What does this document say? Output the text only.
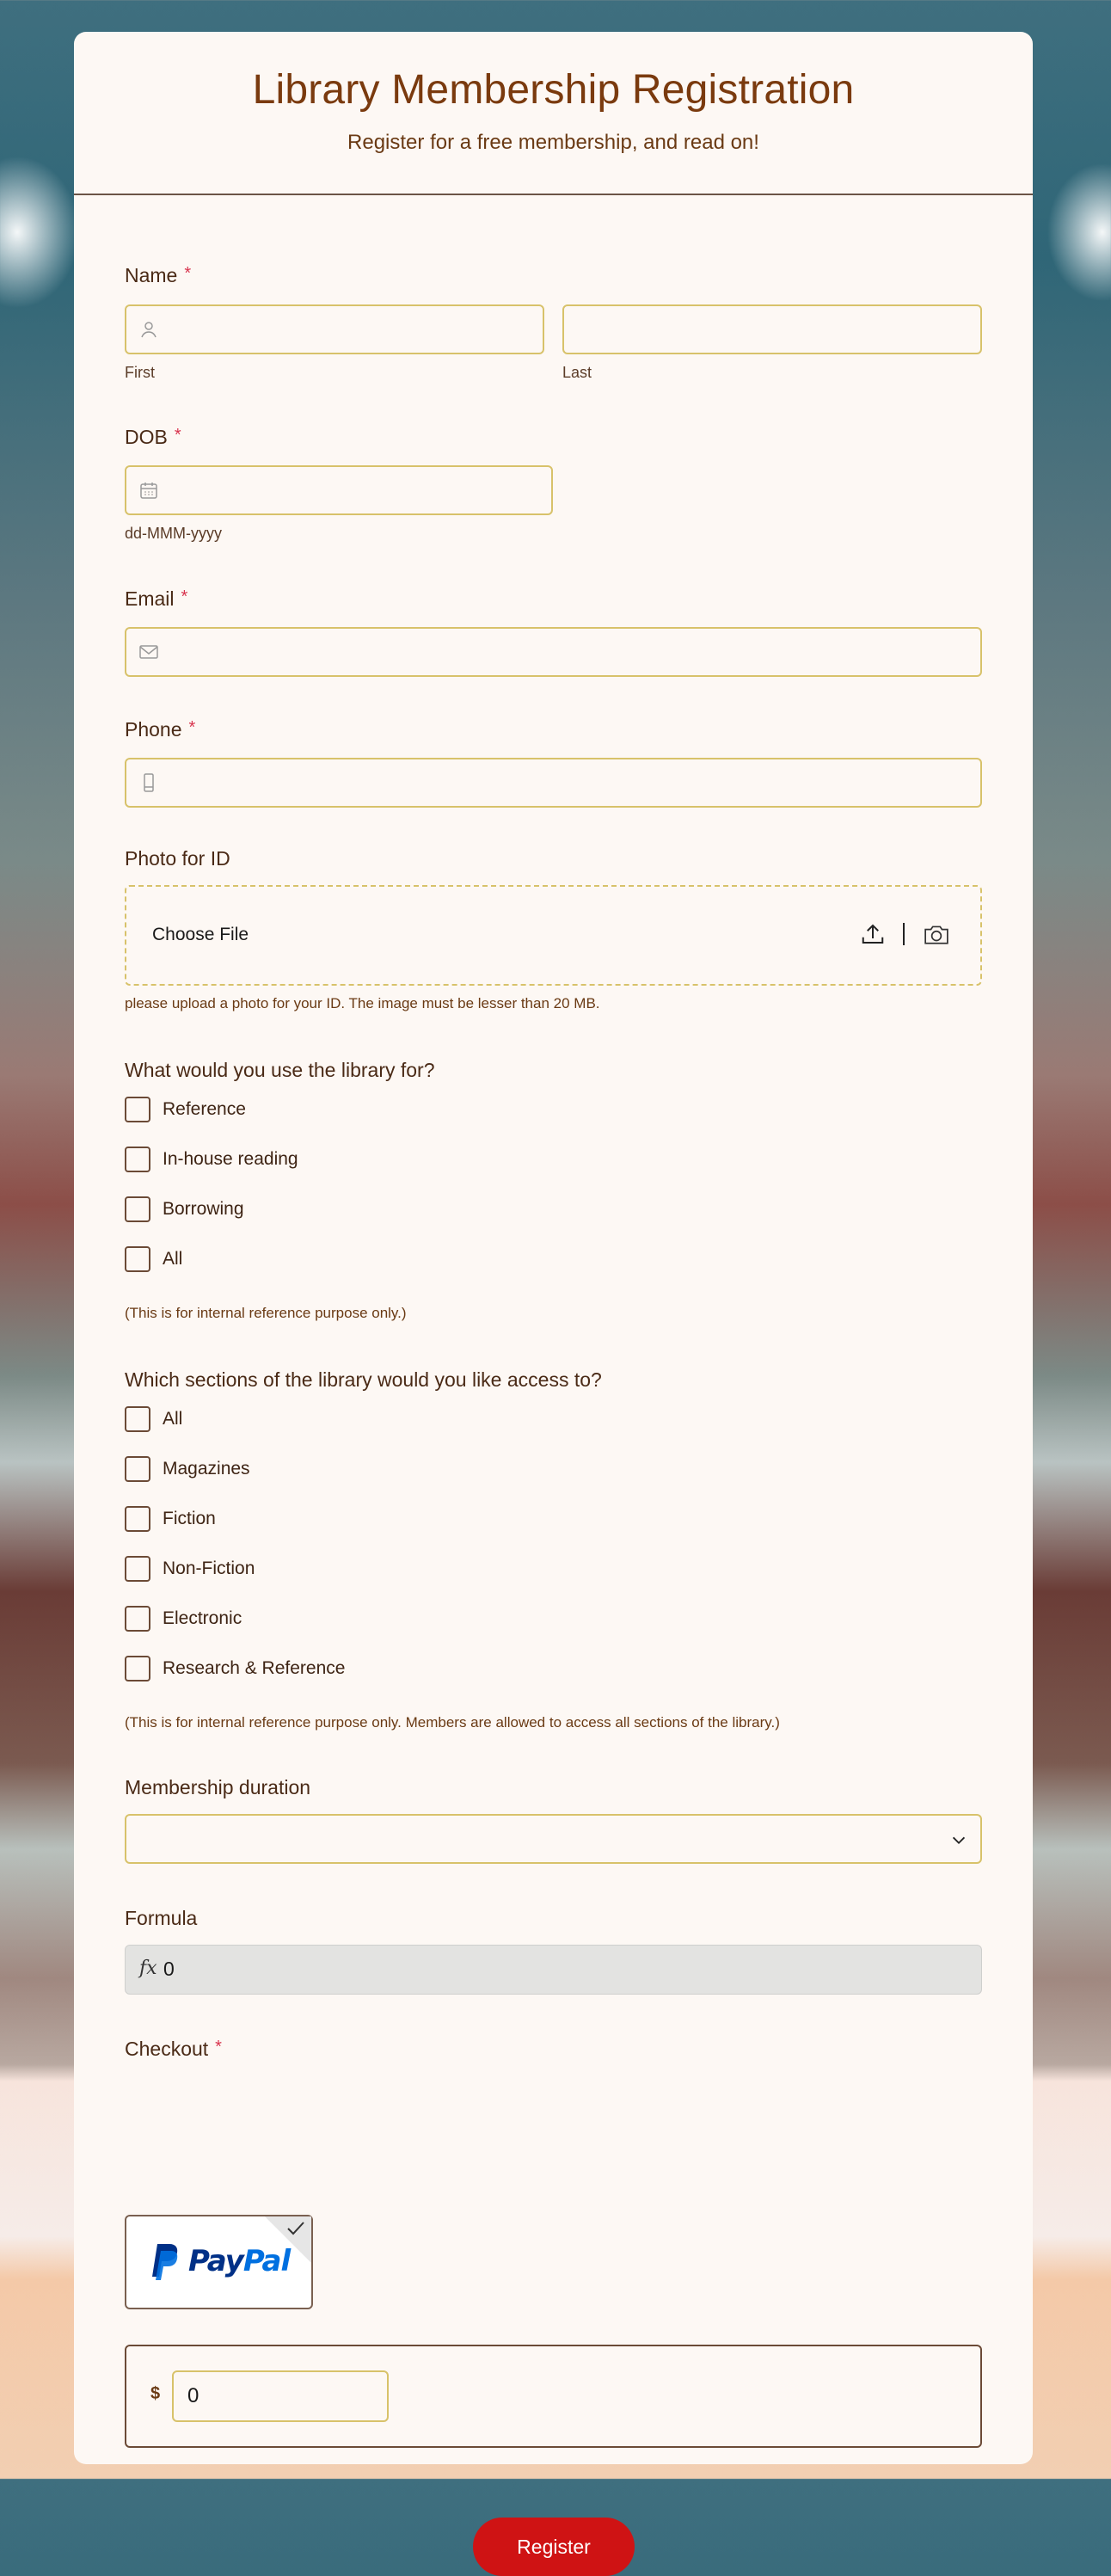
Library Membership Registration
Register for a free membership, and read on!
Name *
First	Last
DOB *
dd-MMM-yyyy
Email *
Phone *
Photo for ID
Choose File
please upload a photo for your ID. The image must be lesser than 20 MB.
What would you use the library for?
Reference
In-house reading
Borrowing
All
(This is for internal reference purpose only.)
Which sections of the library would you like access to?
All
Magazines
Fiction
Non-Fiction
Electronic
Research & Reference
(This is for internal reference purpose only. Members are allowed to access all sections of the library.)
Membership duration
Formula
fx 0
Checkout *
PayPal
$	0
Register
